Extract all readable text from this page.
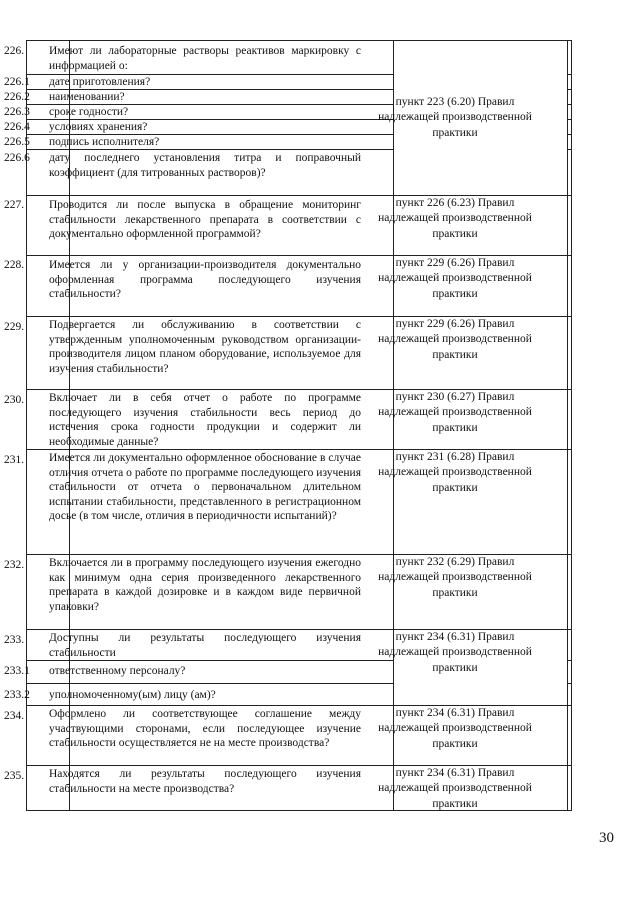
226. Имеют ли лабораторные растворы реактивов маркировку с информацией о:
226.1 дате приготовления?
226.2 наименовании?
226.3 сроке годности?
226.4 условиях хранения?
226.5 подпись исполнителя?
226.6 дату последнего установления титра и поправочный коэффициент (для титрованных растворов)?
пункт 223 (6.20) Правил надлежащей производственной практики
227. Проводится ли после выпуска в обращение мониторинг стабильности лекарственного препарата в соответствии с документально оформленной программой?
пункт 226 (6.23) Правил надлежащей производственной практики
228. Имеется ли у организации-производителя документально оформленная программа последующего изучения стабильности?
пункт 229 (6.26) Правил надлежащей производственной практики
229. Подвергается ли обслуживанию в соответствии с утвержденным уполномоченным руководством организации-производителя лицом планом оборудование, используемое для изучения стабильности?
пункт 229 (6.26) Правил надлежащей производственной практики
230. Включает ли в себя отчет о работе по программе последующего изучения стабильности весь период до истечения срока годности продукции и содержит ли необходимые данные?
пункт 230 (6.27) Правил надлежащей производственной практики
231. Имеется ли документально оформленное обоснование в случае отличия отчета о работе по программе последующего изучения стабильности от отчета о первоначальном длительном испытании стабильности, представленного в регистрационном досье (в том числе, отличия в периодичности испытаний)?
пункт 231 (6.28) Правил надлежащей производственной практики
232. Включается ли в программу последующего изучения ежегодно как минимум одна серия произведенного лекарственного препарата в каждой дозировке и в каждом виде первичной упаковки?
пункт 232 (6.29) Правил надлежащей производственной практики
233. Доступны ли результаты последующего изучения стабильности
233.1 ответственному персоналу?
233.2 уполномоченному(ым) лицу (ам)?
пункт 234 (6.31) Правил надлежащей производственной практики
234. Оформлено ли соответствующее соглашение между участвующими сторонами, если последующее изучение стабильности осуществляется не на месте производства?
пункт 234 (6.31) Правил надлежащей производственной практики
235. Находятся ли результаты последующего изучения стабильности на месте производства?
пункт 234 (6.31) Правил надлежащей производственной практики
30
